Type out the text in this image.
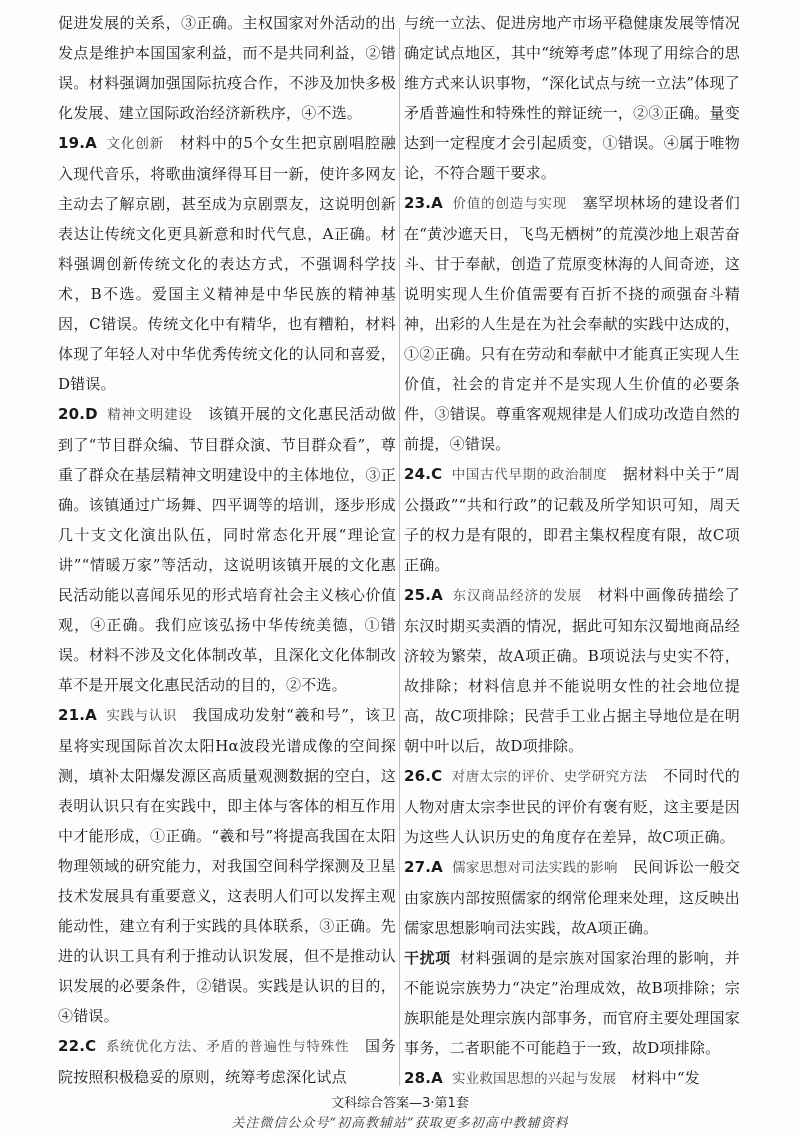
促进发展的关系，③正确。主权国家对外活动的出发点是维护本国国家利益，而不是共同利益，②错误。材料强调加强国际抗疫合作，不涉及加快多极化发展、建立国际政治经济新秩序，④不选。

19.A 文化创新 材料中的5个女生把京剧唱腔融入现代音乐，将歌曲演绎得耳目一新，使许多网友主动去了解京剧，甚至成为京剧票友，这说明创新表达让传统文化更具新意和时代气息，A正确。材料强调创新传统文化的表达方式，不强调科学技术，B不选。爱国主义精神是中华民族的精神基因，C错误。传统文化中有精华，也有糟粕，材料体现了年轻人对中华优秀传统文化的认同和喜爱，D错误。

20.D 精神文明建设 该镇开展的文化惠民活动做到了“节目群众编、节目群众演、节目群众看”，尊重了群众在基层精神文明建设中的主体地位，③正确。该镇通过广场舞、四平调等的培训，逐步形成几十支文化演出队伍，同时常态化开展“理论宣讲”“情暖万家”等活动，这说明该镇开展的文化惠民活动能以喜闻乐见的形式培育社会主义核心价值观，④正确。我们应该弘扬中华传统美德，①错误。材料不涉及文化体制改革，且深化文化体制改革不是开展文化惠民活动的目的，②不选。

21.A 实践与认识 我国成功发射“羲和号”，该卫星将实现国际首次太阳Hα波段光谱成像的空间探测，填补太阳爆发源区高质量观测数据的空白，这表明认识只有在实践中，即主体与客体的相互作用中才能形成，①正确。“羲和号”将提高我国在太阳物理领域的研究能力，对我国空间科学探测及卫星技术发展具有重要意义，这表明人们可以发挥主观能动性，建立有利于实践的具体联系，③正确。先进的认识工具有利于推动认识发展，但不是推动认识发展的必要条件，②错误。实践是认识的目的，④错误。

22.C 系统优化方法、矛盾的普遍性与特殊性 国务院按照积极稳妥的原则，统筹考虑深化试点

与统一立法、促进房地产市场平稳健康发展等情况确定试点地区，其中“统筹考虑”体现了用综合的思维方式来认识事物，“深化试点与统一立法”体现了矛盾普遍性和特殊性的辩证统一，②③正确。量变达到一定程度才会引起质变，①错误。④属于唯物论，不符合题干要求。

23.A 价值的创造与实现 塞罕坝林场的建设者们在“黄沙遮天日，飞鸟无栖树”的荒漠沙地上艰苦奋斗、甘于奉献，创造了荒原变林海的人间奇迹，这说明实现人生价值需要有百折不挠的顽强奋斗精神，出彩的人生是在为社会奉献的实践中达成的，①②正确。只有在劳动和奉献中才能真正实现人生价值，社会的肯定并不是实现人生价值的必要条件，③错误。尊重客观规律是人们成功改造自然的前提，④错误。

24.C 中国古代早期的政治制度 据材料中关于“周公摄政”“共和行政”的记载及所学知识可知，周天子的权力是有限的，即君主集权程度有限，故C项正确。

25.A 东汉商品经济的发展 材料中画像砖描绘了东汉时期买卖酒的情况，据此可知东汉蜀地商品经济较为繁荣，故A项正确。B项说法与史实不符，故排除；材料信息并不能说明女性的社会地位提高，故C项排除；民营手工业占据主导地位是在明朝中叶以后，故D项排除。

26.C 对唐太宗的评价、史学研究方法 不同时代的人物对唐太宗李世民的评价有褒有贬，这主要是因为这些人认识历史的角度存在差异，故C项正确。

27.A 儒家思想对司法实践的影响 民间诉讼一般交由家族内部按照儒家的纲常伦理来处理，这反映出儒家思想影响司法实践，故A项正确。

干扰项 材料强调的是宗族对国家治理的影响，并不能说宗族势力“决定”治理成效，故B项排除；宗族职能是处理宗族内部事务，而官府主要处理国家事务，二者职能不可能趋于一致，故D项排除。

28.A 实业救国思想的兴起与发展 材料中“发

文科综合答案—3·第1套
关注微信公众号“初高教辅站”获取更多初高中教辅资料
